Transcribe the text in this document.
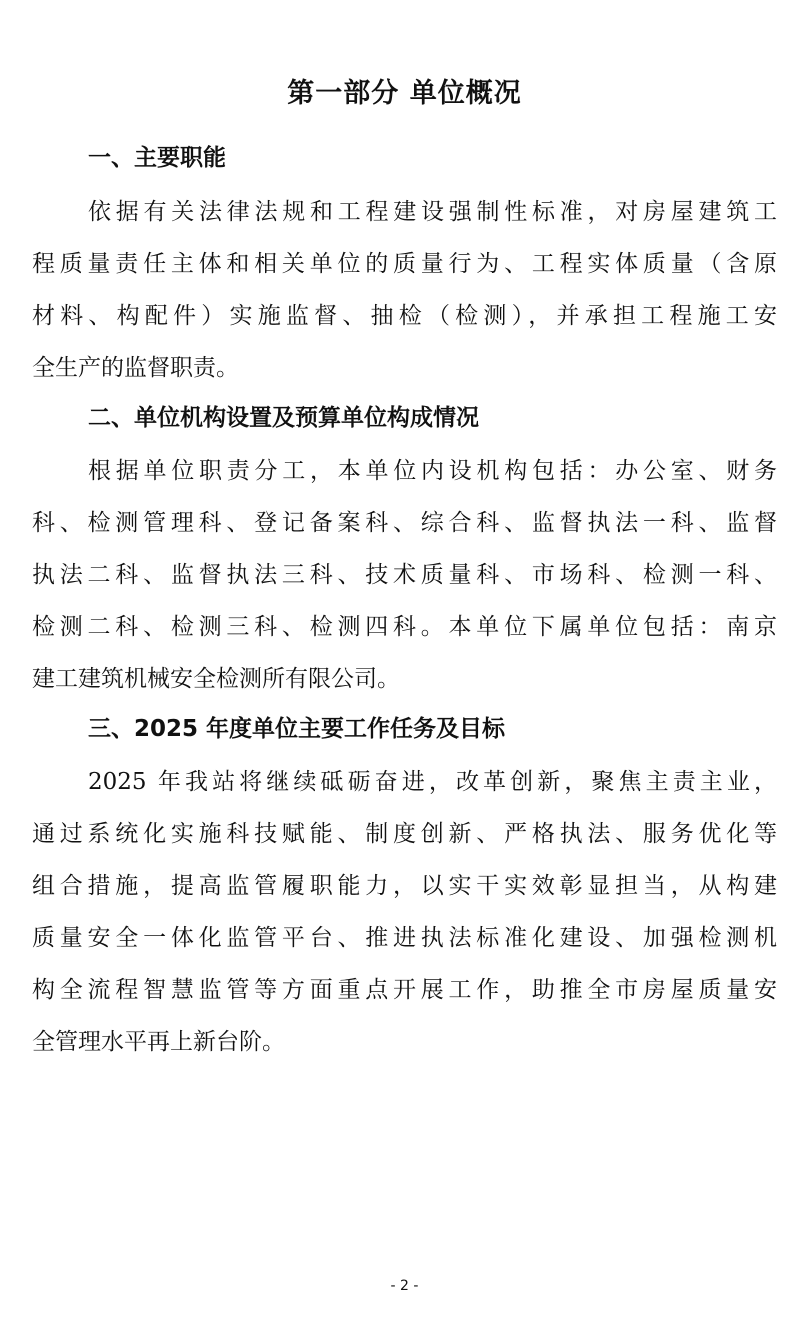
第一部分 单位概况
一、主要职能

依据有关法律法规和工程建设强制性标准，对房屋建筑工

程质量责任主体和相关单位的质量行为、工程实体质量（含原

材料、构配件）实施监督、抽检（检测），并承担工程施工安

全生产的监督职责。

二、单位机构设置及预算单位构成情况

根据单位职责分工，本单位内设机构包括：办公室、财务

科、检测管理科、登记备案科、综合科、监督执法一科、监督

执法二科、监督执法三科、技术质量科、市场科、检测一科、

检测二科、检测三科、检测四科。本单位下属单位包括：南京

建工建筑机械安全检测所有限公司。

三、2025 年度单位主要工作任务及目标

2025 年我站将继续砥砺奋进，改革创新，聚焦主责主业，

通过系统化实施科技赋能、制度创新、严格执法、服务优化等

组合措施，提高监管履职能力，以实干实效彰显担当，从构建

质量安全一体化监管平台、推进执法标准化建设、加强检测机

构全流程智慧监管等方面重点开展工作，助推全市房屋质量安

全管理水平再上新台阶。

- 2 -
